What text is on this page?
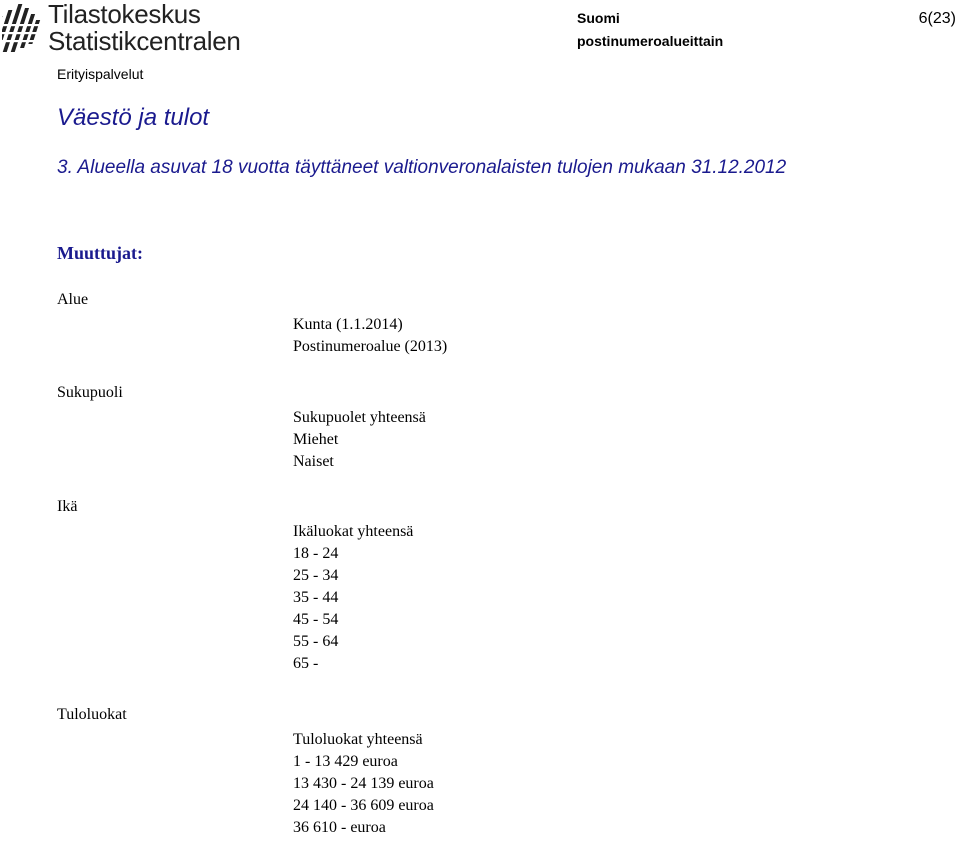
Tilastokeskus
Statistikcentralen
Suomi
postinumeroalueittain
6(23)
Erityispalvelut
Väestö ja tulot
3. Alueella asuvat 18 vuotta täyttäneet valtionveronalaisten tulojen mukaan 31.12.2012
Muuttujat:
Alue
Kunta (1.1.2014)
Postinumeroalue (2013)
Sukupuoli
Sukupuolet yhteensä
Miehet
Naiset
Ikä
Ikäluokat yhteensä
18 - 24
25 - 34
35 - 44
45 - 54
55 - 64
65 -
Tuloluokat
Tuloluokat yhteensä
1 - 13 429 euroa
13 430 - 24 139 euroa
24 140 - 36 609 euroa
36 610 - euroa
